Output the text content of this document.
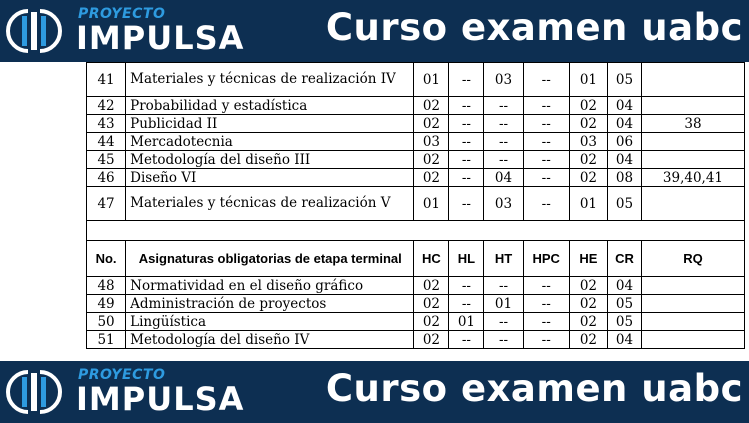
PROYECTO
IMPULSA Curso examen uabc
41	Materiales y técnicas de realización IV	01	--	03	--	01	05	
42	Probabilidad y estadística	02	--	--	--	02	04	
43	Publicidad II	02	--	--	--	02	04	38
44	Mercadotecnia	03	--	--	--	03	06	
45	Metodología del diseño III	02	--	--	--	02	04	
46	Diseño VI	02	--	04	--	02	08	39,40,41
47	Materiales y técnicas de realización V	01	--	03	--	01	05	

No.	Asignaturas obligatorias de etapa terminal	HC	HL	HT	HPC	HE	CR	RQ
48	Normatividad en el diseño gráfico	02	--	--	--	02	04	
49	Administración de proyectos	02	--	01	--	02	05	
50	Lingüística	02	01	--	--	02	05	
51	Metodología del diseño IV	02	--	--	--	02	04	
PROYECTO
IMPULSA Curso examen uabc
